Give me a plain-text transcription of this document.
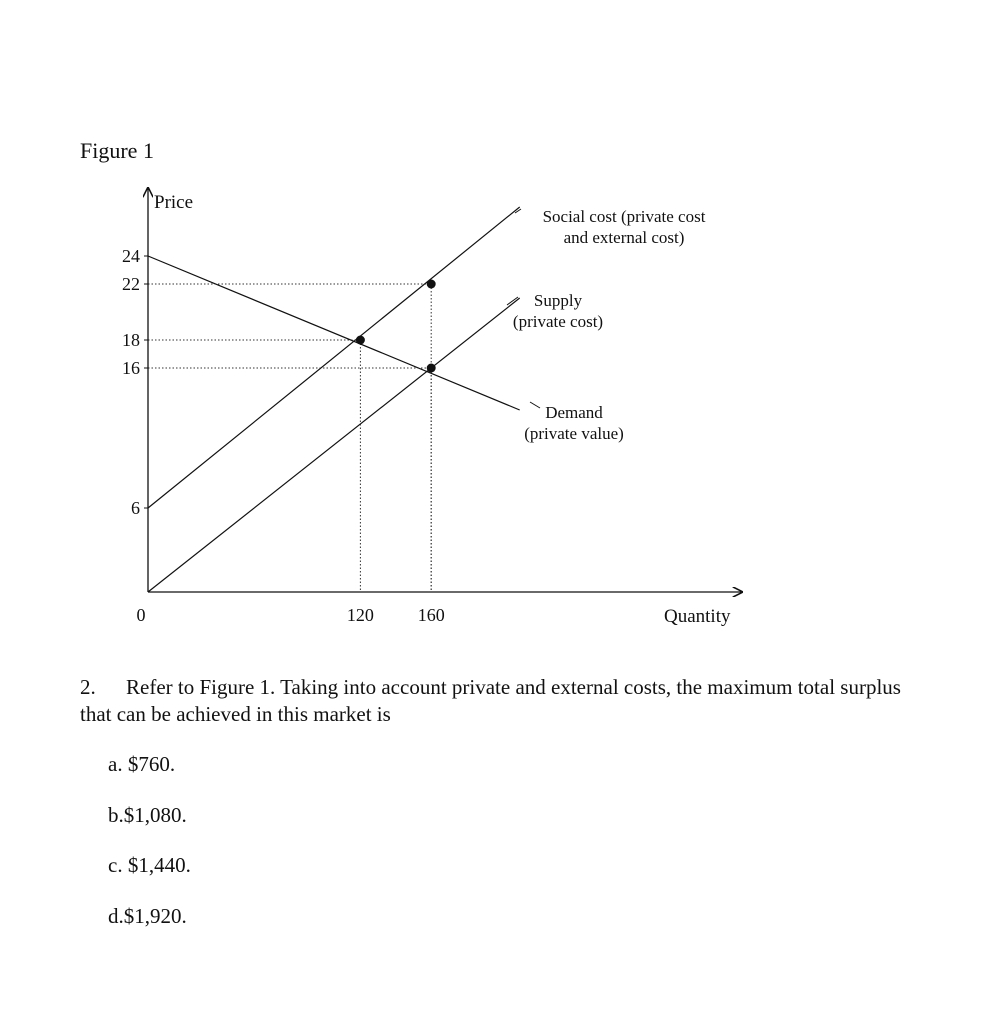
Figure 1
Price
Quantity
24
22
18
16
6
0	120 160
Social cost (private cost
and external cost)
Supply
(private cost)
Demand
(private value)
2. Refer to Figure 1. Taking into account private and external costs, the maximum total surplus that can be achieved in this market is
a. $760.
b.$1,080.
c. $1,440.
d.$1,920.
